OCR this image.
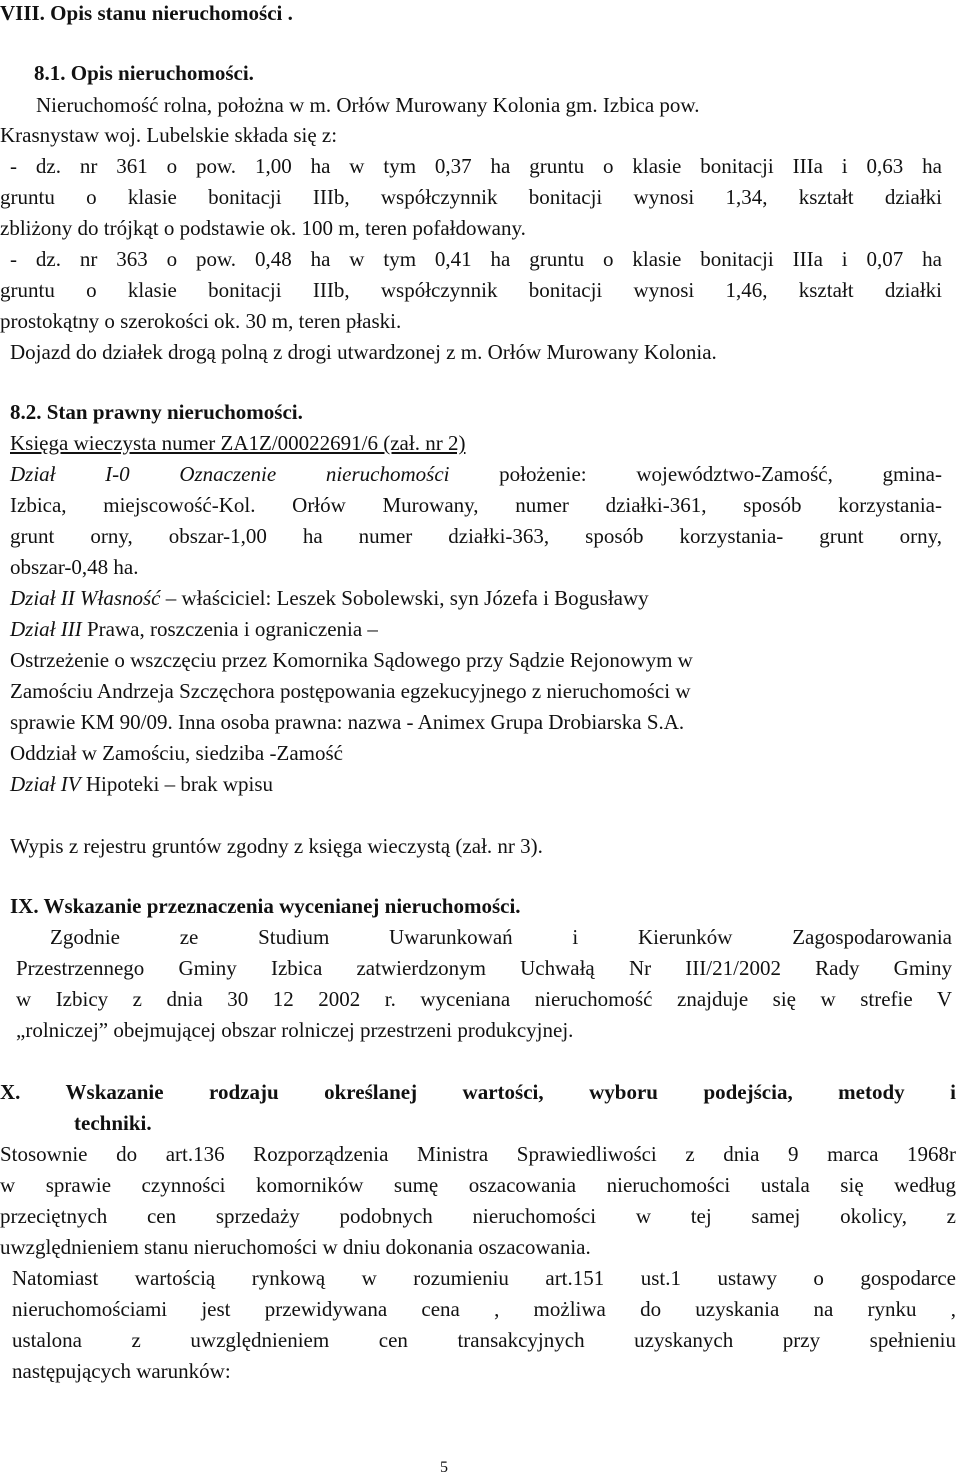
VIII. Opis stanu nieruchomości .
8.1. Opis nieruchomości.
Nieruchomość rolna, położna w m. Orłów Murowany Kolonia gm. Izbica pow.
Krasnystaw woj. Lubelskie składa się z:
- dz. nr 361 o pow. 1,00 ha w tym 0,37 ha gruntu o klasie bonitacji IIIa i 0,63 ha
gruntu o klasie bonitacji IIIb, współczynnik bonitacji wynosi 1,34, kształt działki
zbliżony do trójkąt o podstawie ok. 100 m, teren pofałdowany.
- dz. nr 363 o pow. 0,48 ha w tym 0,41 ha gruntu o klasie bonitacji IIIa i 0,07 ha
gruntu o klasie bonitacji IIIb, współczynnik bonitacji wynosi 1,46, kształt działki
prostokątny o szerokości ok. 30 m, teren płaski.
Dojazd do działek drogą polną z drogi utwardzonej z m. Orłów Murowany Kolonia.
8.2. Stan prawny nieruchomości.
Księga wieczysta numer ZA1Z/00022691/6 (zał. nr 2)
Dział I-0 Oznaczenie nieruchomości położenie: województwo-Zamość, gmina-
Izbica, miejscowość-Kol. Orłów Murowany, numer działki-361, sposób korzystania-
grunt orny, obszar-1,00 ha numer działki-363, sposób korzystania- grunt orny,
obszar-0,48 ha.
Dział II Własność – właściciel: Leszek Sobolewski, syn Józefa i Bogusławy
Dział III Prawa, roszczenia i ograniczenia –
Ostrzeżenie o wszczęciu przez Komornika Sądowego przy Sądzie Rejonowym w
Zamościu Andrzeja Szczęchora postępowania egzekucyjnego z nieruchomości w
sprawie KM 90/09. Inna osoba prawna: nazwa - Animex Grupa Drobiarska S.A.
Oddział w Zamościu, siedziba -Zamość
Dział IV Hipoteki – brak wpisu
Wypis z rejestru gruntów zgodny z księga wieczystą (zał. nr 3).
IX. Wskazanie przeznaczenia wycenianej nieruchomości.
Zgodnie ze Studium Uwarunkowań i Kierunków Zagospodarowania
Przestrzennego Gminy Izbica zatwierdzonym Uchwałą Nr III/21/2002 Rady Gminy
w Izbicy z dnia 30 12 2002 r. wyceniana nieruchomość znajduje się w strefie V
„rolniczej” obejmującej obszar rolniczej przestrzeni produkcyjnej.
X. Wskazanie rodzaju określanej wartości, wyboru podejścia, metody i
techniki.
Stosownie do art.136 Rozporządzenia Ministra Sprawiedliwości z dnia 9 marca 1968r
w sprawie czynności komorników sumę oszacowania nieruchomości ustala się według
przeciętnych cen sprzedaży podobnych nieruchomości w tej samej okolicy, z
uwzględnieniem stanu nieruchomości w dniu dokonania oszacowania.
Natomiast wartością rynkową w rozumieniu art.151 ust.1 ustawy o gospodarce
nieruchomościami jest przewidywana cena , możliwa do uzyskania na rynku ,
ustalona z uwzględnieniem cen transakcyjnych uzyskanych przy spełnieniu
następujących warunków:
5
